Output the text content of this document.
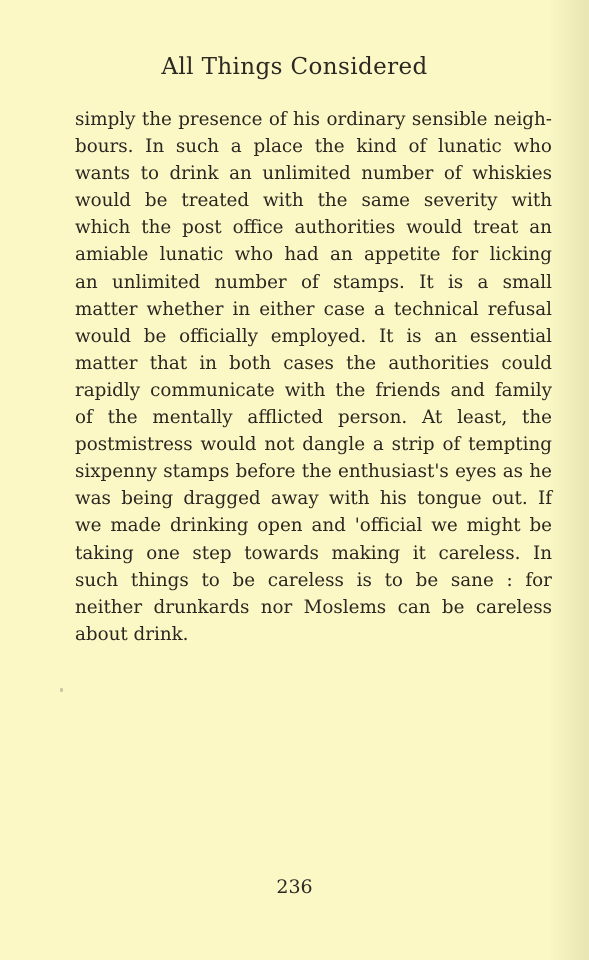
All Things Considered
simply the presence of his ordinary sensible neigh-
bours. In such a place the kind of lunatic who
wants to drink an unlimited number of whiskies
would be treated with the same severity with
which the post office authorities would treat an
amiable lunatic who had an appetite for licking
an unlimited number of stamps. It is a small
matter whether in either case a technical refusal
would be officially employed. It is an essential
matter that in both cases the authorities could
rapidly communicate with the friends and family
of the mentally afflicted person. At least, the
postmistress would not dangle a strip of tempting
sixpenny stamps before the enthusiast's eyes as he
was being dragged away with his tongue out. If
we made drinking open and 'official we might be
taking one step towards making it careless. In
such things to be careless is to be sane : for
neither drunkards nor Moslems can be careless
about drink.
236
